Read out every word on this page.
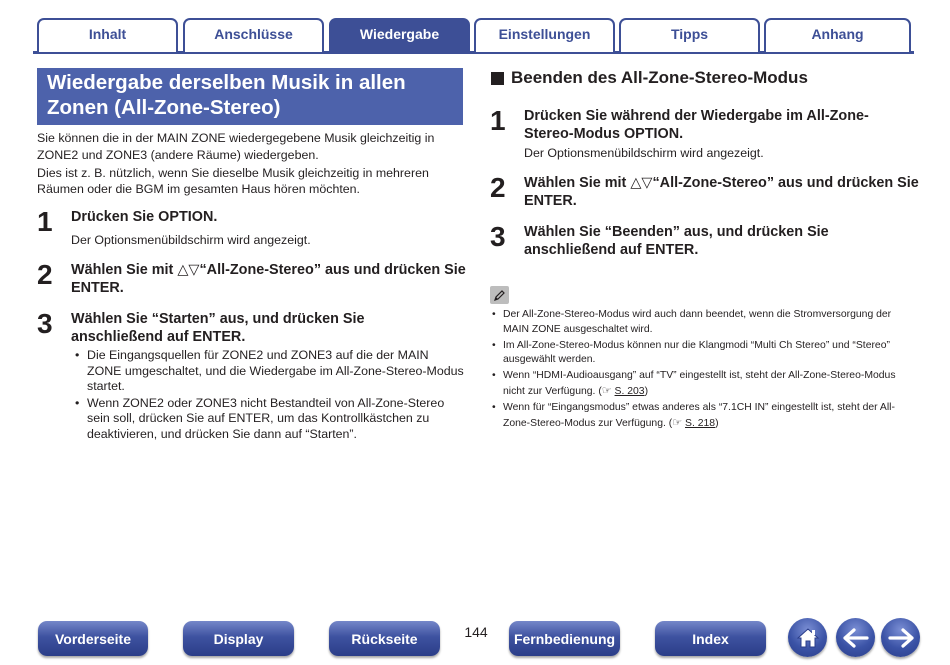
Inhalt	Anschlüsse	Wiedergabe	Einstellungen	Tipps	Anhang
Wiedergabe derselben Musik in allen Zonen (All-Zone-Stereo)

Sie können die in der MAIN ZONE wiedergegebene Musik gleichzeitig in ZONE2 und ZONE3 (andere Räume) wiedergeben.

Dies ist z. B. nützlich, wenn Sie dieselbe Musik gleichzeitig in mehreren Räumen oder die BGM im gesamten Haus hören möchten.

1 Drücken Sie OPTION.
Der Optionsmenübildschirm wird angezeigt.
2 Wählen Sie mit △▽“All-Zone-Stereo” aus und drücken Sie ENTER.
3 Wählen Sie “Starten” aus, und drücken Sie anschließend auf ENTER.
• Die Eingangsquellen für ZONE2 und ZONE3 auf die der MAIN ZONE umgeschaltet, und die Wiedergabe im All-Zone-Stereo-Modus startet.
• Wenn ZONE2 oder ZONE3 nicht Bestandteil von All-Zone-Stereo sein soll, drücken Sie auf ENTER, um das Kontrollkästchen zu deaktivieren, und drücken Sie dann auf “Starten”.
Beenden des All-Zone-Stereo-Modus
1 Drücken Sie während der Wiedergabe im All-Zone-Stereo-Modus OPTION.
Der Optionsmenübildschirm wird angezeigt.
2 Wählen Sie mit △▽“All-Zone-Stereo” aus und drücken Sie ENTER.
3 Wählen Sie “Beenden” aus, und drücken Sie anschließend auf ENTER.
• Der All-Zone-Stereo-Modus wird auch dann beendet, wenn die Stromversorgung der MAIN ZONE ausgeschaltet wird.
• Im All-Zone-Stereo-Modus können nur die Klangmodi “Multi Ch Stereo” und “Stereo” ausgewählt werden.
• Wenn “HDMI-Audioausgang” auf “TV” eingestellt ist, steht der All-Zone-Stereo-Modus nicht zur Verfügung. (☞ S. 203)
• Wenn für “Eingangsmodus” etwas anderes als “7.1CH IN” eingestellt ist, steht der All-Zone-Stereo-Modus zur Verfügung. (☞ S. 218)
Vorderseite	Display	Rückseite	144	Fernbedienung	Index
